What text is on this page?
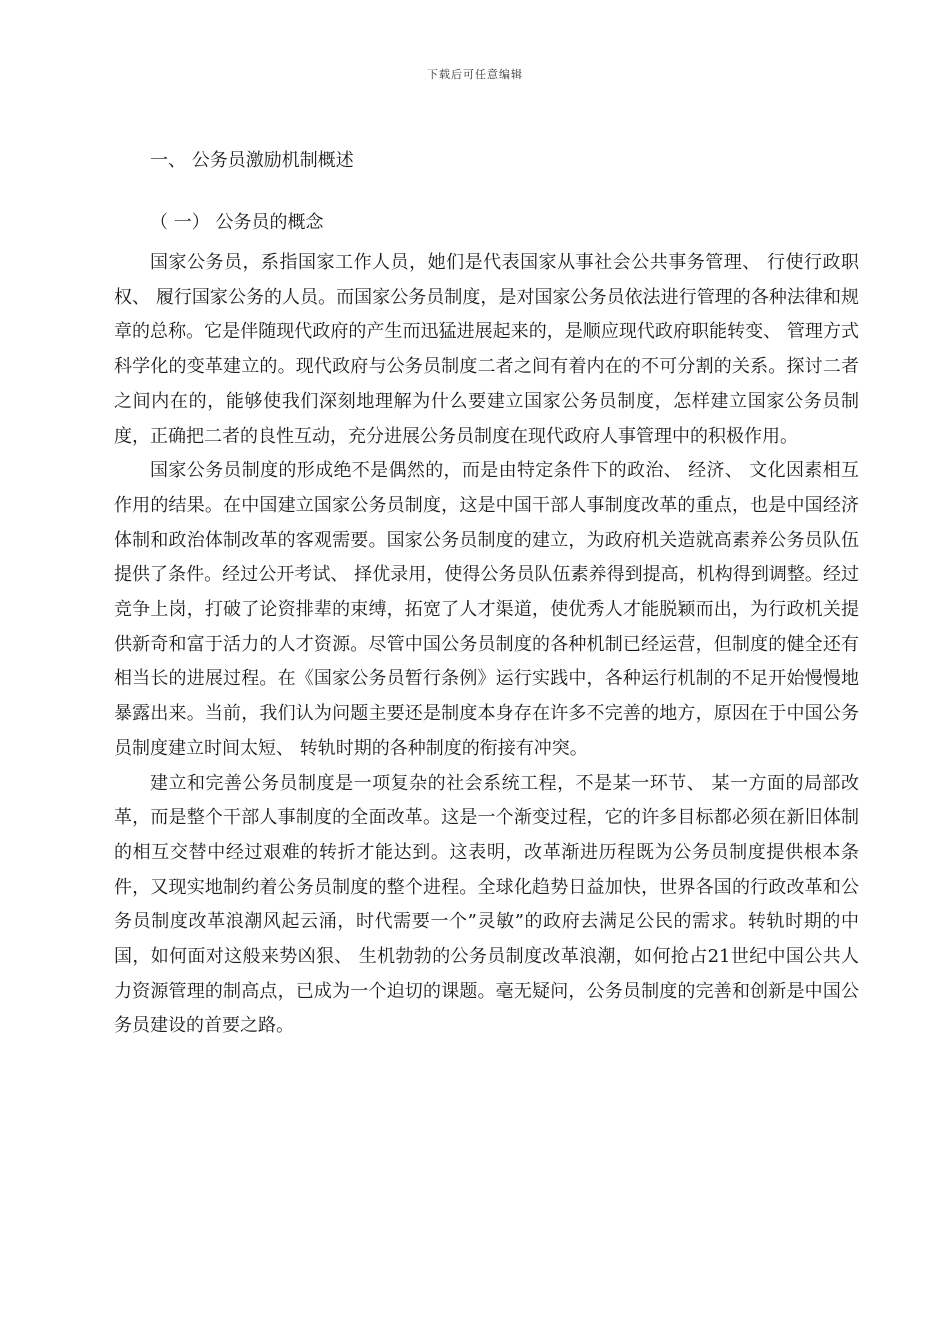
下载后可任意编辑
一、 公务员激励机制概述
（ 一） 公务员的概念

国家公务员，系指国家工作人员，她们是代表国家从事社会公共事务管理、 行使行政职权、 履行国家公务的人员。而国家公务员制度，是对国家公务员依法进行管理的各种法律和规章的总称。它是伴随现代政府的产生而迅猛进展起来的，是顺应现代政府职能转变、 管理方式科学化的变革建立的。现代政府与公务员制度二者之间有着内在的不可分割的关系。探讨二者之间内在的，能够使我们深刻地理解为什么要建立国家公务员制度，怎样建立国家公务员制度，正确把二者的良性互动，充分进展公务员制度在现代政府人事管理中的积极作用。

国家公务员制度的形成绝不是偶然的，而是由特定条件下的政治、 经济、 文化因素相互作用的结果。在中国建立国家公务员制度，这是中国干部人事制度改革的重点，也是中国经济体制和政治体制改革的客观需要。国家公务员制度的建立，为政府机关造就高素养公务员队伍提供了条件。经过公开考试、 择优录用，使得公务员队伍素养得到提高，机构得到调整。经过竞争上岗，打破了论资排辈的束缚，拓宽了人才渠道，使优秀人才能脱颖而出，为行政机关提供新奇和富于活力的人才资源。尽管中国公务员制度的各种机制已经运营，但制度的健全还有相当长的进展过程。在《国家公务员暂行条例》运行实践中，各种运行机制的不足开始慢慢地暴露出来。当前，我们认为问题主要还是制度本身存在许多不完善的地方，原因在于中国公务员制度建立时间太短、 转轨时期的各种制度的衔接有冲突。

建立和完善公务员制度是一项复杂的社会系统工程，不是某一环节、 某一方面的局部改革，而是整个干部人事制度的全面改革。这是一个渐变过程，它的许多目标都必须在新旧体制的相互交替中经过艰难的转折才能达到。这表明，改革渐进历程既为公务员制度提供根本条件，又现实地制约着公务员制度的整个进程。全球化趋势日益加快，世界各国的行政改革和公务员制度改革浪潮风起云涌，时代需要一个”灵敏”的政府去满足公民的需求。转轨时期的中国，如何面对这般来势凶狠、 生机勃勃的公务员制度改革浪潮，如何抢占21世纪中国公共人力资源管理的制高点，已成为一个迫切的课题。毫无疑问，公务员制度的完善和创新是中国公务员建设的首要之路。
